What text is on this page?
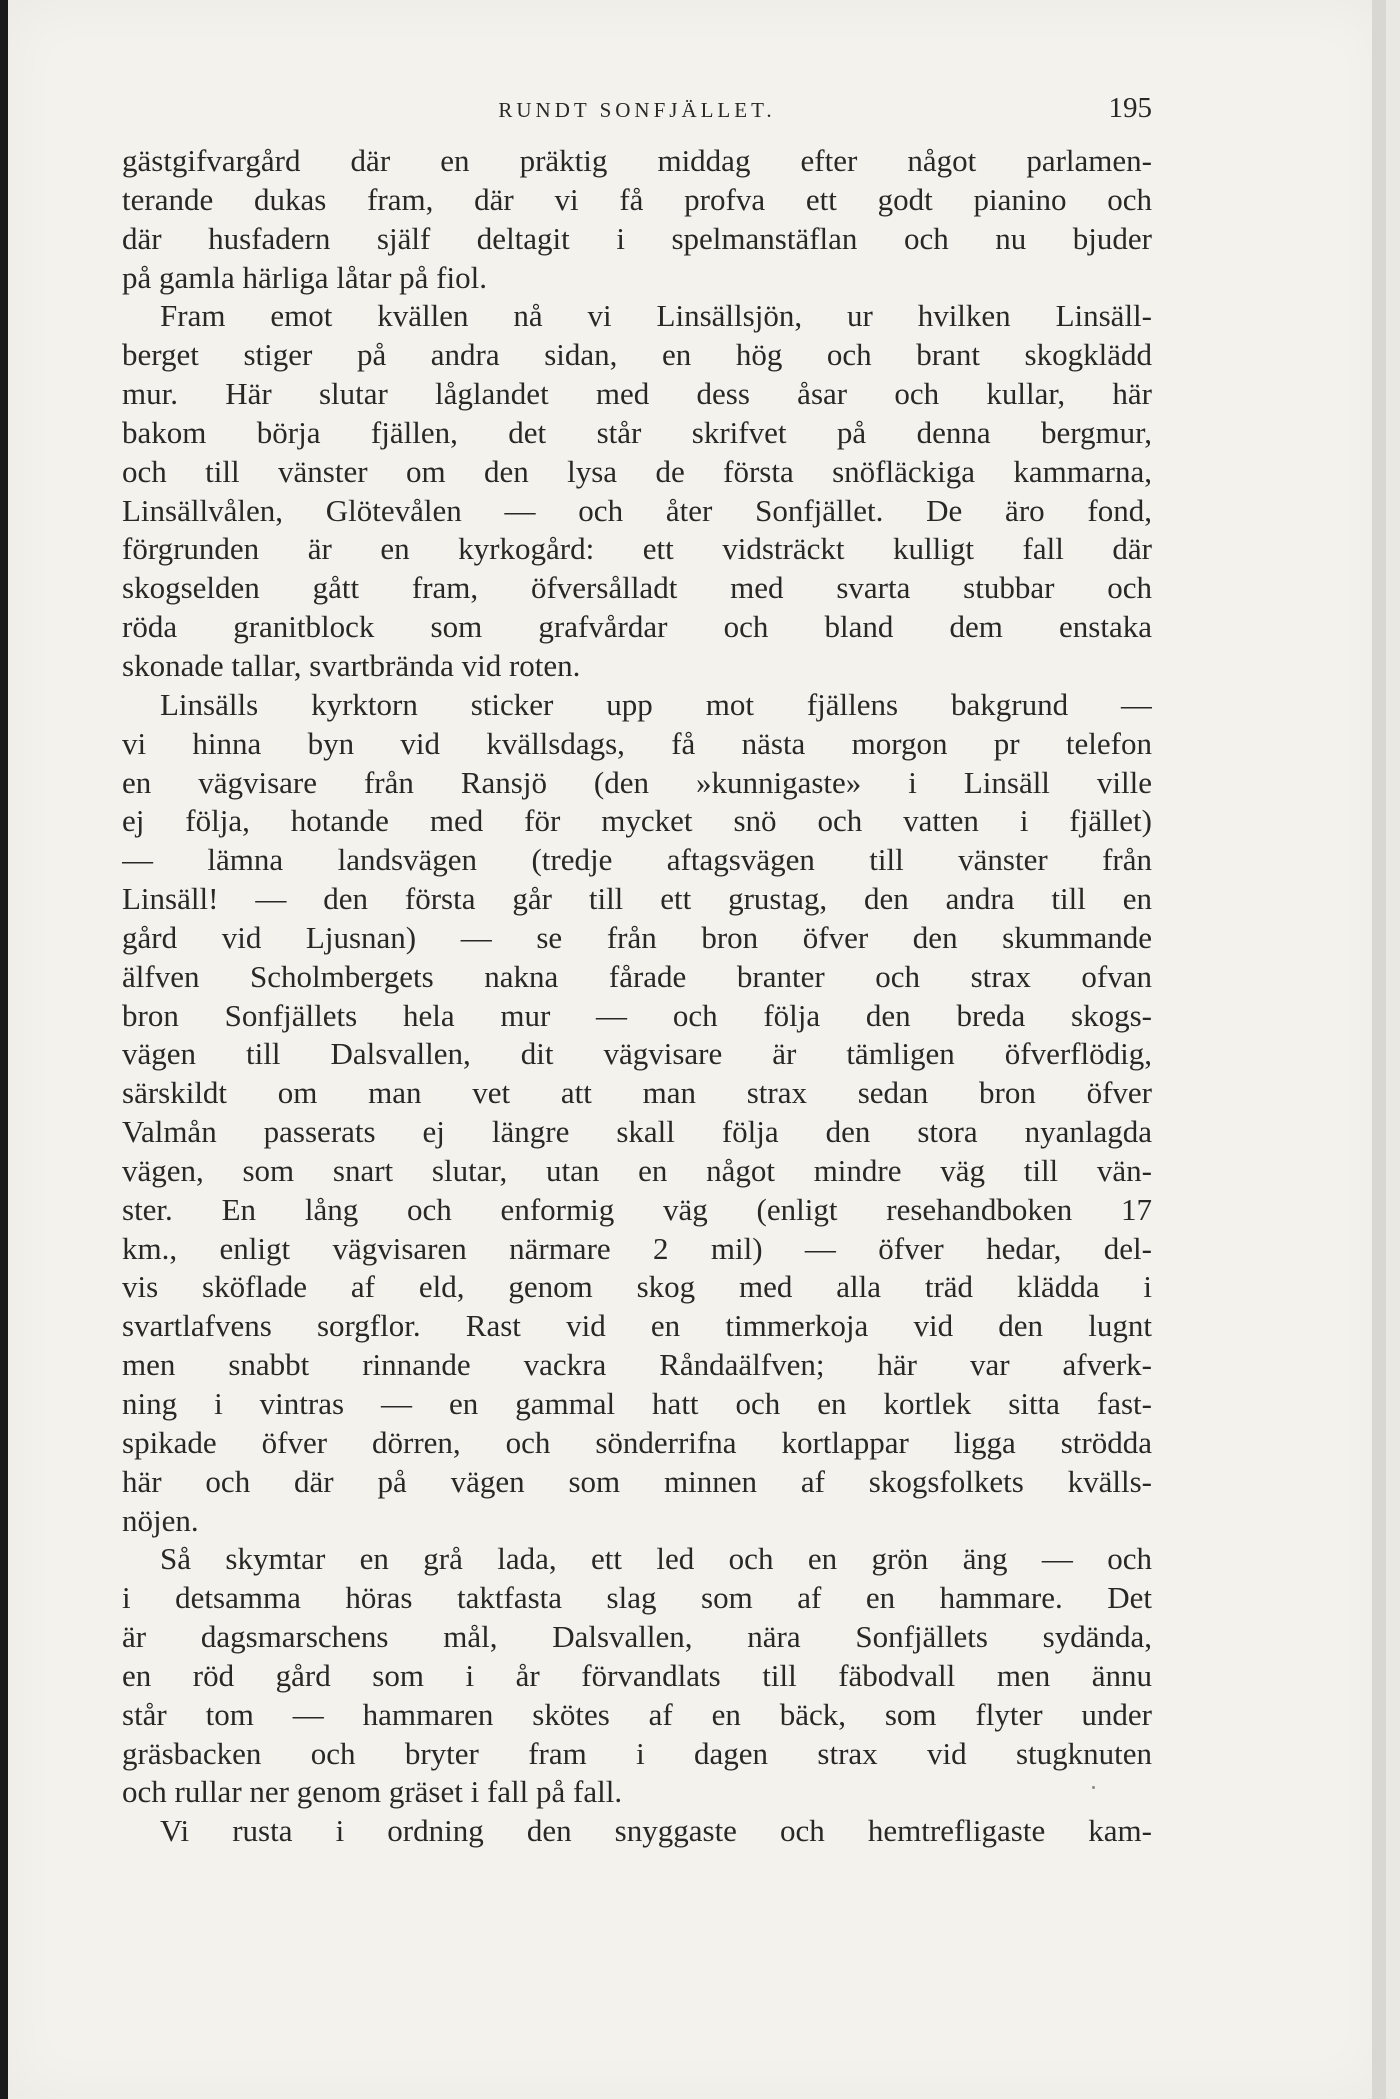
RUNDT SONFJÄLLET.	195
gästgifvargård där en präktig middag efter något parlamen-
terande dukas fram, där vi få profva ett godt pianino och
där husfadern själf deltagit i spelmanstäflan och nu bjuder
på gamla härliga låtar på fiol.
Fram emot kvällen nå vi Linsällsjön, ur hvilken Linsäll-
berget stiger på andra sidan, en hög och brant skogklädd
mur. Här slutar låglandet med dess åsar och kullar, här
bakom börja fjällen, det står skrifvet på denna bergmur,
och till vänster om den lysa de första snöfläckiga kammarna,
Linsällvålen, Glötevålen — och åter Sonfjället. De äro fond,
förgrunden är en kyrkogård: ett vidsträckt kulligt fall där
skogselden gått fram, öfversålladt med svarta stubbar och
röda granitblock som grafvårdar och bland dem enstaka
skonade tallar, svartbrända vid roten.
Linsälls kyrktorn sticker upp mot fjällens bakgrund —
vi hinna byn vid kvällsdags, få nästa morgon pr telefon
en vägvisare från Ransjö (den »kunnigaste» i Linsäll ville
ej följa, hotande med för mycket snö och vatten i fjället)
— lämna landsvägen (tredje aftagsvägen till vänster från
Linsäll! — den första går till ett grustag, den andra till en
gård vid Ljusnan) — se från bron öfver den skummande
älfven Scholmbergets nakna fårade branter och strax ofvan
bron Sonfjällets hela mur — och följa den breda skogs-
vägen till Dalsvallen, dit vägvisare är tämligen öfverflödig,
särskildt om man vet att man strax sedan bron öfver
Valmån passerats ej längre skall följa den stora nyanlagda
vägen, som snart slutar, utan en något mindre väg till vän-
ster. En lång och enformig väg (enligt resehandboken 17
km., enligt vägvisaren närmare 2 mil) — öfver hedar, del-
vis sköflade af eld, genom skog med alla träd klädda i
svartlafvens sorgflor. Rast vid en timmerkoja vid den lugnt
men snabbt rinnande vackra Råndaälfven; här var afverk-
ning i vintras — en gammal hatt och en kortlek sitta fast-
spikade öfver dörren, och sönderrifna kortlappar ligga strödda
här och där på vägen som minnen af skogsfolkets kvälls-
nöjen.
Så skymtar en grå lada, ett led och en grön äng — och
i detsamma höras taktfasta slag som af en hammare. Det
är dagsmarschens mål, Dalsvallen, nära Sonfjällets sydända,
en röd gård som i år förvandlats till fäbodvall men ännu
står tom — hammaren skötes af en bäck, som flyter under
gräsbacken och bryter fram i dagen strax vid stugknuten
och rullar ner genom gräset i fall på fall.
Vi rusta i ordning den snyggaste och hemtrefligaste kam-
